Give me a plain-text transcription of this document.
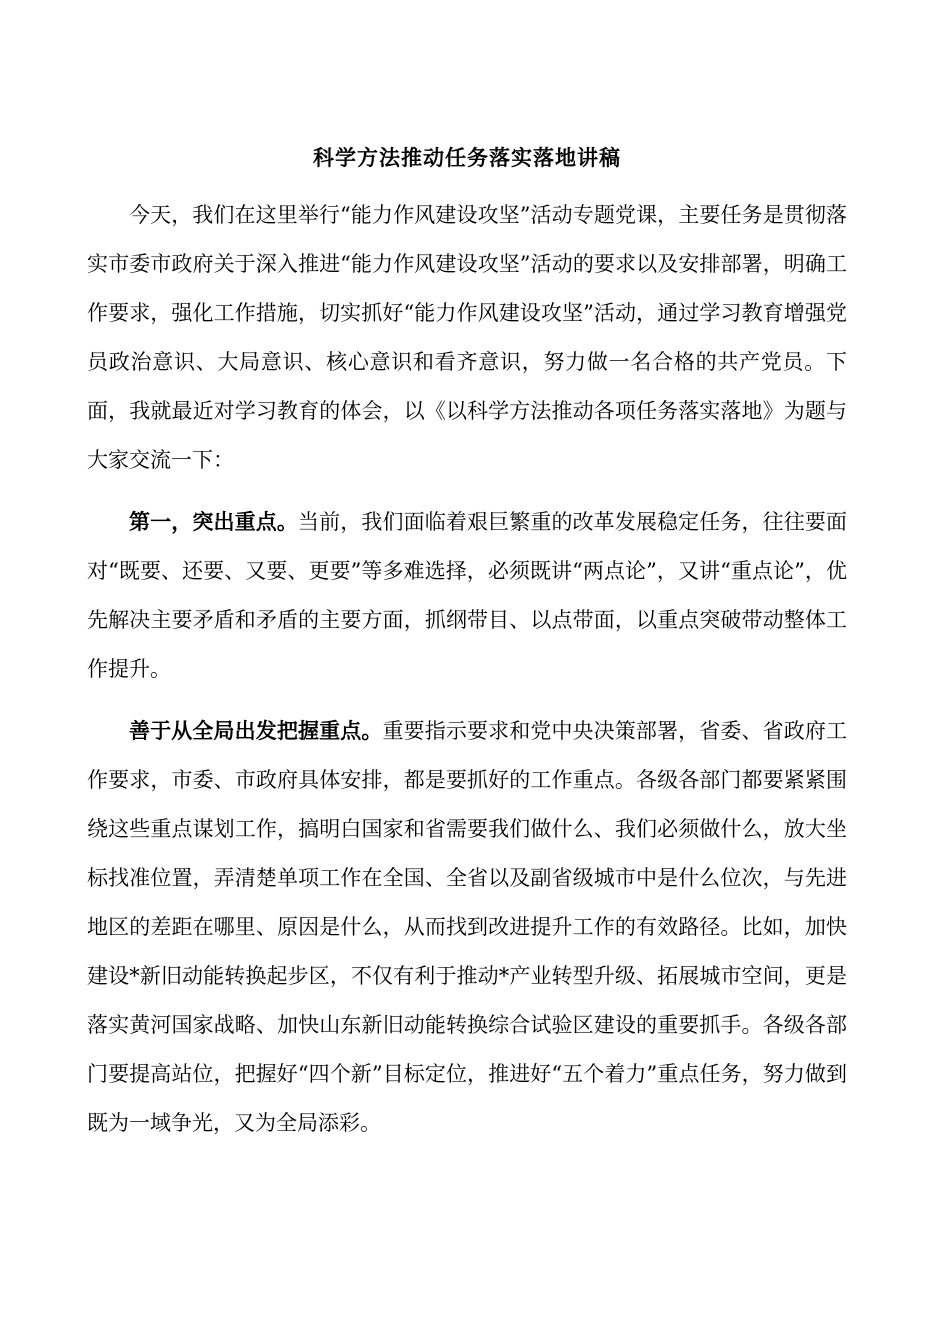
科学方法推动任务落实落地讲稿

今天，我们在这里举行“能力作风建设攻坚”活动专题党课，主要任务是贯彻落实市委市政府关于深入推进“能力作风建设攻坚”活动的要求以及安排部署，明确工作要求，强化工作措施，切实抓好“能力作风建设攻坚”活动，通过学习教育增强党员政治意识、大局意识、核心意识和看齐意识，努力做一名合格的共产党员。下面，我就最近对学习教育的体会，以《以科学方法推动各项任务落实落地》为题与大家交流一下：

第一，突出重点。当前，我们面临着艰巨繁重的改革发展稳定任务，往往要面对“既要、还要、又要、更要”等多难选择，必须既讲“两点论”，又讲“重点论”，优先解决主要矛盾和矛盾的主要方面，抓纲带目、以点带面，以重点突破带动整体工作提升。

善于从全局出发把握重点。重要指示要求和党中央决策部署，省委、省政府工作要求，市委、市政府具体安排，都是要抓好的工作重点。各级各部门都要紧紧围绕这些重点谋划工作，搞明白国家和省需要我们做什么、我们必须做什么，放大坐标找准位置，弄清楚单项工作在全国、全省以及副省级城市中是什么位次，与先进地区的差距在哪里、原因是什么，从而找到改进提升工作的有效路径。比如，加快建设*新旧动能转换起步区，不仅有利于推动*产业转型升级、拓展城市空间，更是落实黄河国家战略、加快山东新旧动能转换综合试验区建设的重要抓手。各级各部门要提高站位，把握好“四个新”目标定位，推进好“五个着力”重点任务，努力做到既为一域争光，又为全局添彩。
